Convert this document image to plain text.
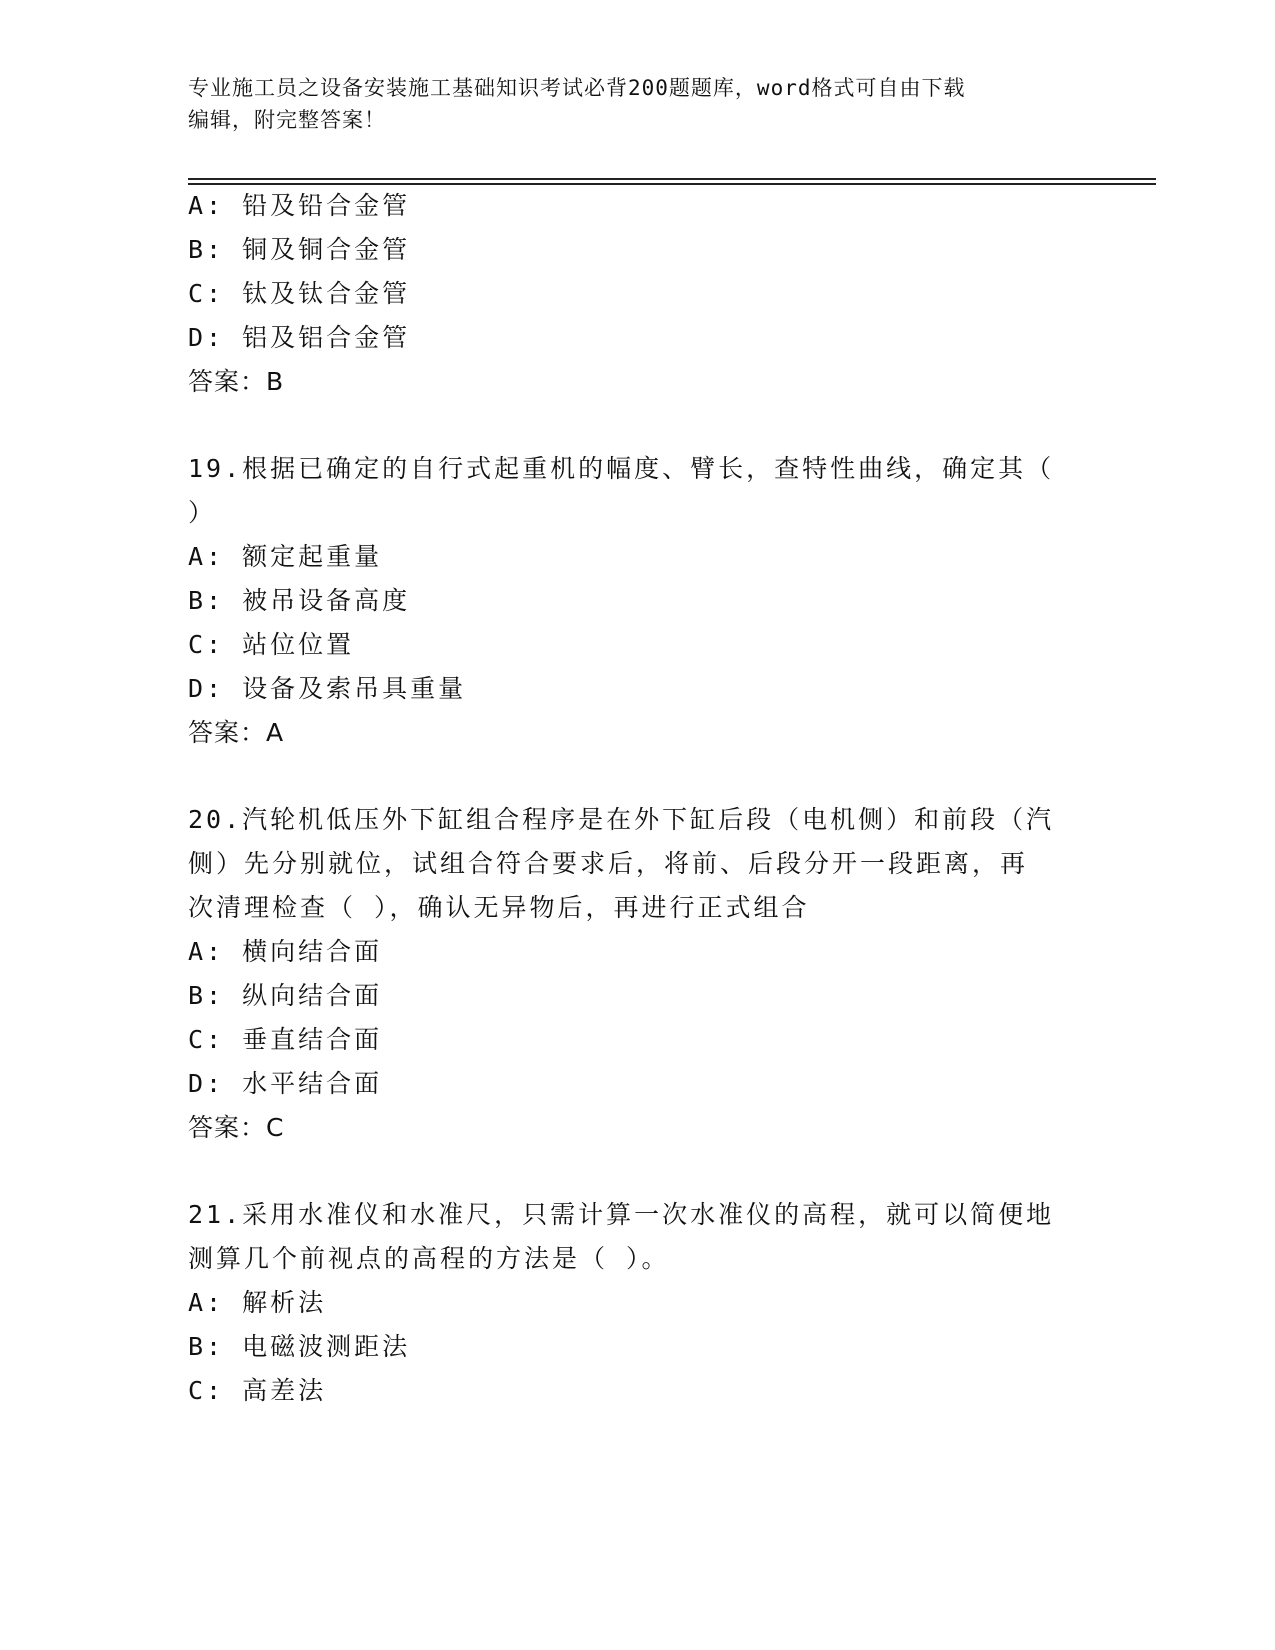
专业施工员之设备安装施工基础知识考试必背200题题库，word格式可自由下载
编辑，附完整答案！
A: 铅及铅合金管
B: 铜及铜合金管
C: 钛及钛合金管
D: 铝及铝合金管
答案：B
19.根据已确定的自行式起重机的幅度、臂长，查特性曲线，确定其（
）
A: 额定起重量
B: 被吊设备高度
C: 站位位置
D: 设备及索吊具重量
答案：A
20.汽轮机低压外下缸组合程序是在外下缸后段（电机侧）和前段（汽
侧）先分别就位，试组合符合要求后，将前、后段分开一段距离，再
次清理检查（ ），确认无异物后，再进行正式组合
A: 横向结合面
B: 纵向结合面
C: 垂直结合面
D: 水平结合面
答案：C
21.采用水准仪和水准尺，只需计算一次水准仪的高程，就可以简便地
测算几个前视点的高程的方法是（ ）。
A: 解析法
B: 电磁波测距法
C: 高差法
